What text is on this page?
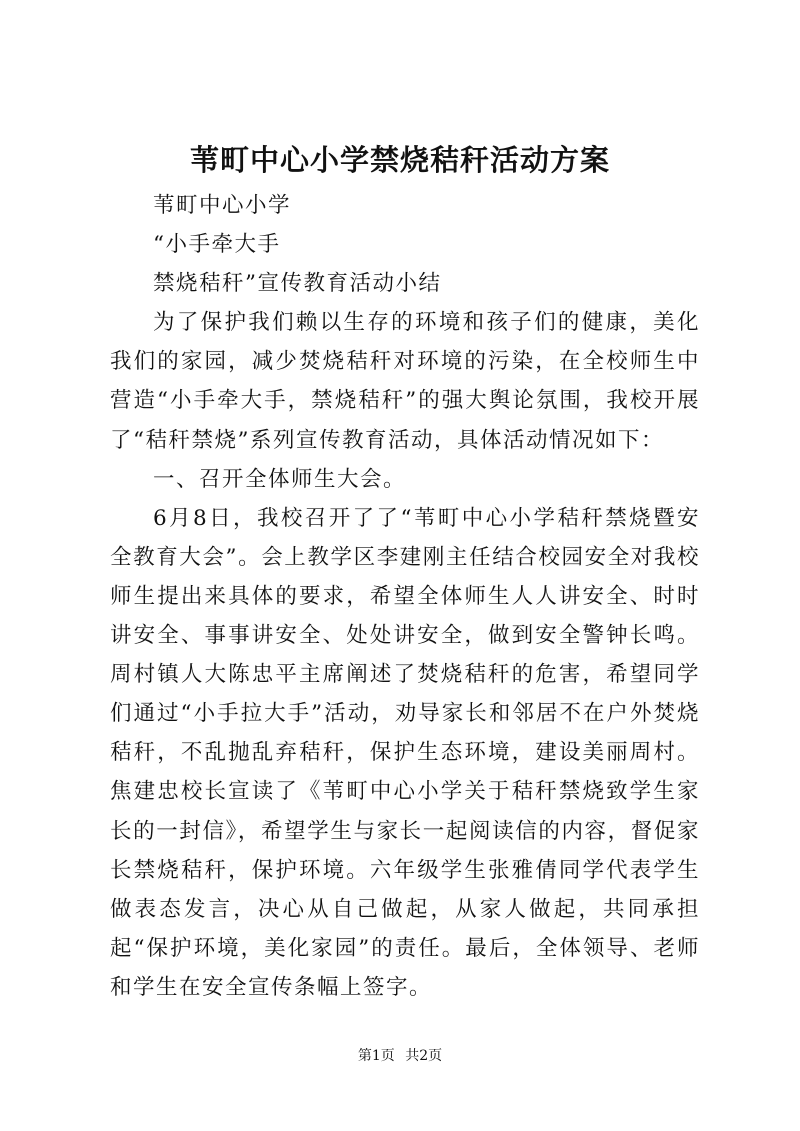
苇町中心小学禁烧秸秆活动方案

苇町中心小学

“小手牵大手

禁烧秸秆”宣传教育活动小结

为了保护我们赖以生存的环境和孩子们的健康，美化我们的家园，减少焚烧秸秆对环境的污染，在全校师生中营造“小手牵大手，禁烧秸秆”的强大舆论氛围，我校开展了“秸秆禁烧”系列宣传教育活动，具体活动情况如下：

一、召开全体师生大会。

6月8日，我校召开了了“苇町中心小学秸秆禁烧暨安全教育大会”。会上教学区李建刚主任结合校园安全对我校师生提出来具体的要求，希望全体师生人人讲安全、时时讲安全、事事讲安全、处处讲安全，做到安全警钟长鸣。周村镇人大陈忠平主席阐述了焚烧秸秆的危害，希望同学们通过“小手拉大手”活动，劝导家长和邻居不在户外焚烧秸秆，不乱抛乱弃秸秆，保护生态环境，建设美丽周村。焦建忠校长宣读了《苇町中心小学关于秸秆禁烧致学生家长的一封信》，希望学生与家长一起阅读信的内容，督促家长禁烧秸秆，保护环境。六年级学生张雅倩同学代表学生做表态发言，决心从自己做起，从家人做起，共同承担起“保护环境，美化家园”的责任。最后，全体领导、老师和学生在安全宣传条幅上签字。

第1页 共2页
